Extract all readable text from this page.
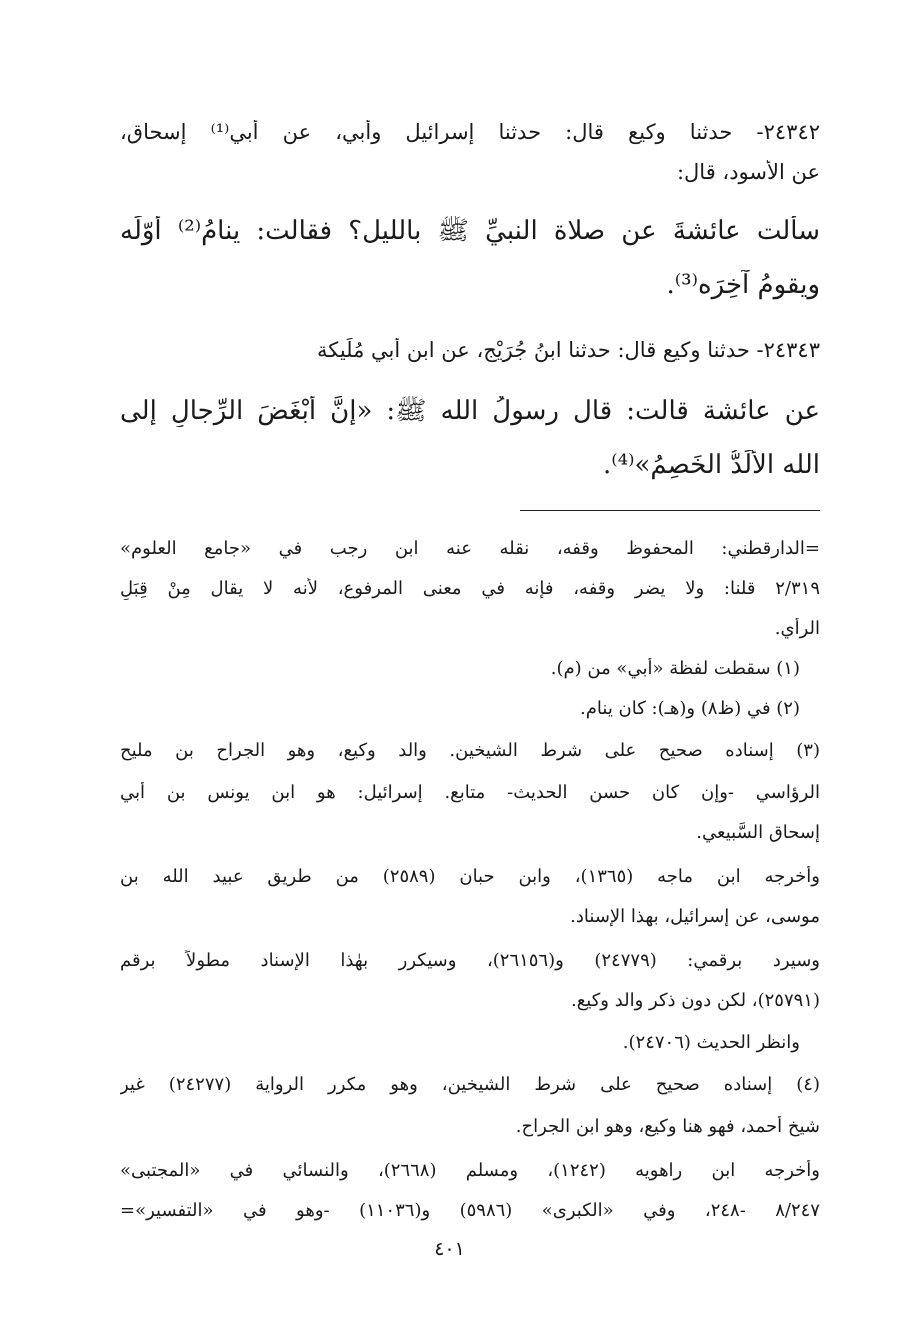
٢٤٣٤٢- حدثنا وكيع قال: حدثنا إسرائيل وأبي، عن أبي⁽¹⁾ إسحاق،
عن الأسود، قال:
سألت عائشةَ عن صلاة النبيِّ ﷺ بالليل؟ فقالت: ينامُ⁽²⁾ أوّلَه
ويقومُ آخِرَه⁽³⁾.
٢٤٣٤٣- حدثنا وكيع قال: حدثنا ابنُ جُرَيْج، عن ابن أبي مُلَيكة
عن عائشة قالت: قال رسولُ الله ﷺ: «إنَّ أبْغَضَ الرِّجالِ إلى
الله الألَدُّ الخَصِمُ»⁽⁴⁾.
=الدارقطني: المحفوظ وقفه، نقله عنه ابن رجب في «جامع العلوم»
٢/٣١٩ قلنا: ولا يضر وقفه، فإنه في معنى المرفوع، لأنه لا يقال مِنْ قِبَلِ
الرأي.
(١) سقطت لفظة «أبي» من (م).
(٢) في (ظ٨) و(هـ): كان ينام.
(٣) إسناده صحيح على شرط الشيخين. والد وكيع، وهو الجراح بن مليح
الرؤاسي -وإن كان حسن الحديث- متابع. إسرائيل: هو ابن يونس بن أبي
إسحاق السَّبيعي.
وأخرجه ابن ماجه (١٣٦٥)، وابن حبان (٢٥٨٩) من طريق عبيد الله بن
موسى، عن إسرائيل، بهذا الإسناد.
وسيرد برقمي: (٢٤٧٧٩) و(٢٦١٥٦)، وسيكرر بهٰذا الإسناد مطولاً برقم
(٢٥٧٩١)، لكن دون ذكر والد وكيع.
وانظر الحديث (٢٤٧٠٦).
(٤) إسناده صحيح على شرط الشيخين، وهو مكرر الرواية (٢٤٢٧٧) غير
شيخ أحمد، فهو هنا وكيع، وهو ابن الجراح.
وأخرجه ابن راهويه (١٢٤٢)، ومسلم (٢٦٦٨)، والنسائي في «المجتبى»
٨/٢٤٧ -٢٤٨، وفي «الكبرى» (٥٩٨٦) و(١١٠٣٦) -وهو في «التفسير»=
٤٠١
